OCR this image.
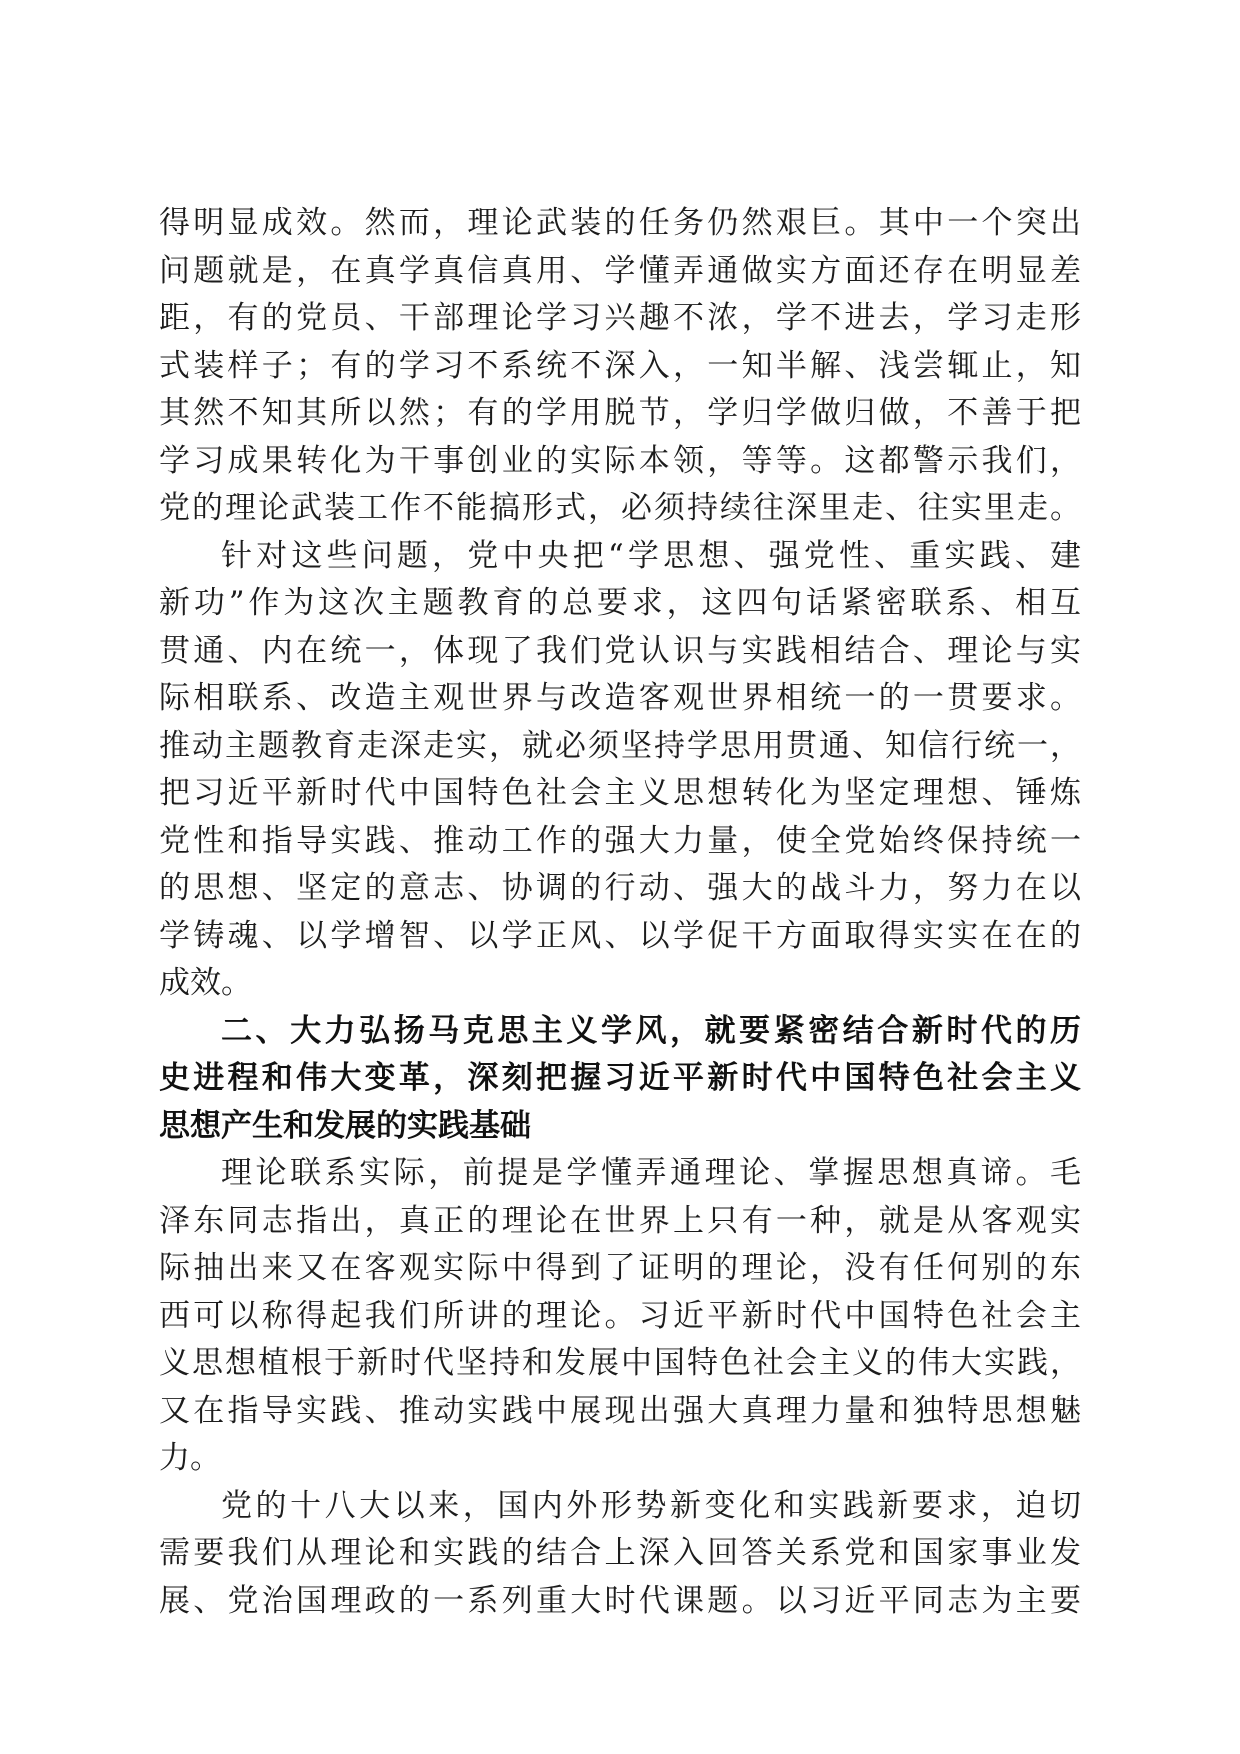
得明显成效。然而，理论武装的任务仍然艰巨。其中一个突出
问题就是，在真学真信真用、学懂弄通做实方面还存在明显差
距，有的党员、干部理论学习兴趣不浓，学不进去，学习走形
式装样子；有的学习不系统不深入，一知半解、浅尝辄止，知
其然不知其所以然；有的学用脱节，学归学做归做，不善于把
学习成果转化为干事创业的实际本领，等等。这都警示我们，
党的理论武装工作不能搞形式，必须持续往深里走、往实里走。
针对这些问题，党中央把“学思想、强党性、重实践、建
新功”作为这次主题教育的总要求，这四句话紧密联系、相互
贯通、内在统一，体现了我们党认识与实践相结合、理论与实
际相联系、改造主观世界与改造客观世界相统一的一贯要求。
推动主题教育走深走实，就必须坚持学思用贯通、知信行统一，
把习近平新时代中国特色社会主义思想转化为坚定理想、锤炼
党性和指导实践、推动工作的强大力量，使全党始终保持统一
的思想、坚定的意志、协调的行动、强大的战斗力，努力在以
学铸魂、以学增智、以学正风、以学促干方面取得实实在在的
成效。
二、大力弘扬马克思主义学风，就要紧密结合新时代的历
史进程和伟大变革，深刻把握习近平新时代中国特色社会主义
思想产生和发展的实践基础
理论联系实际，前提是学懂弄通理论、掌握思想真谛。毛
泽东同志指出，真正的理论在世界上只有一种，就是从客观实
际抽出来又在客观实际中得到了证明的理论，没有任何别的东
西可以称得起我们所讲的理论。习近平新时代中国特色社会主
义思想植根于新时代坚持和发展中国特色社会主义的伟大实践，
又在指导实践、推动实践中展现出强大真理力量和独特思想魅
力。
党的十八大以来，国内外形势新变化和实践新要求，迫切
需要我们从理论和实践的结合上深入回答关系党和国家事业发
展、党治国理政的一系列重大时代课题。以习近平同志为主要
